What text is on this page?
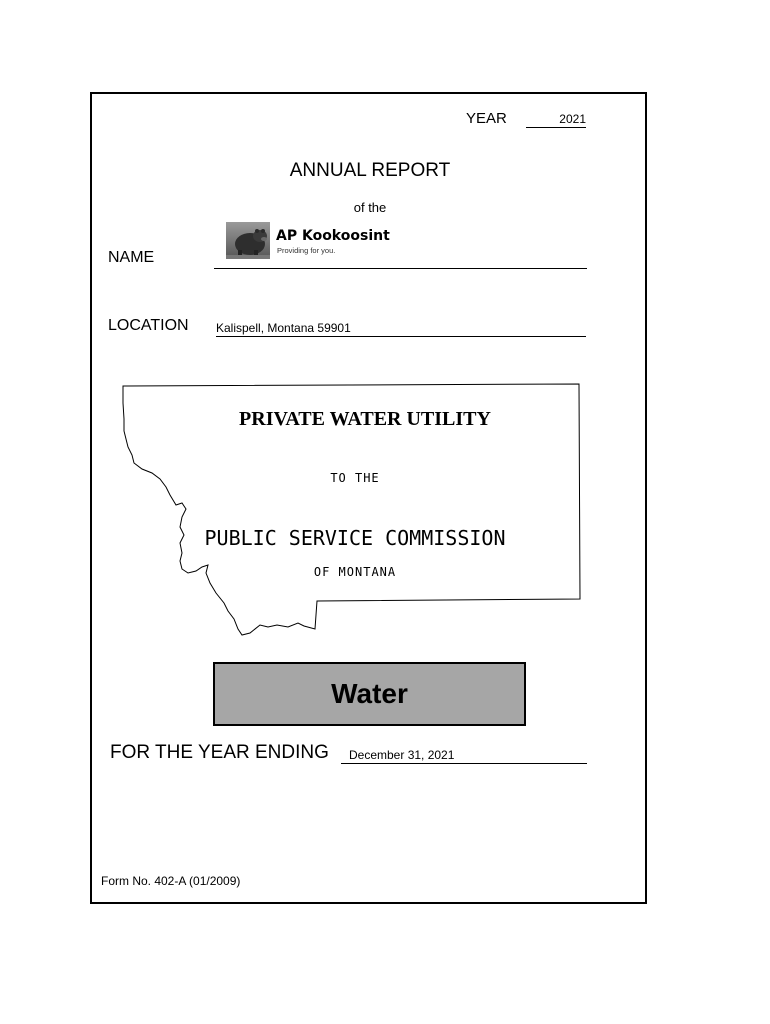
YEAR	2021
ANNUAL REPORT
of the
NAME
AP Kookoosint
Providing for you.
LOCATION Kalispell, Montana 59901
PRIVATE WATER UTILITY
TO THE
PUBLIC SERVICE COMMISSION
OF MONTANA
Water
FOR THE YEAR ENDING	December 31, 2021
Form No. 402-A (01/2009)
